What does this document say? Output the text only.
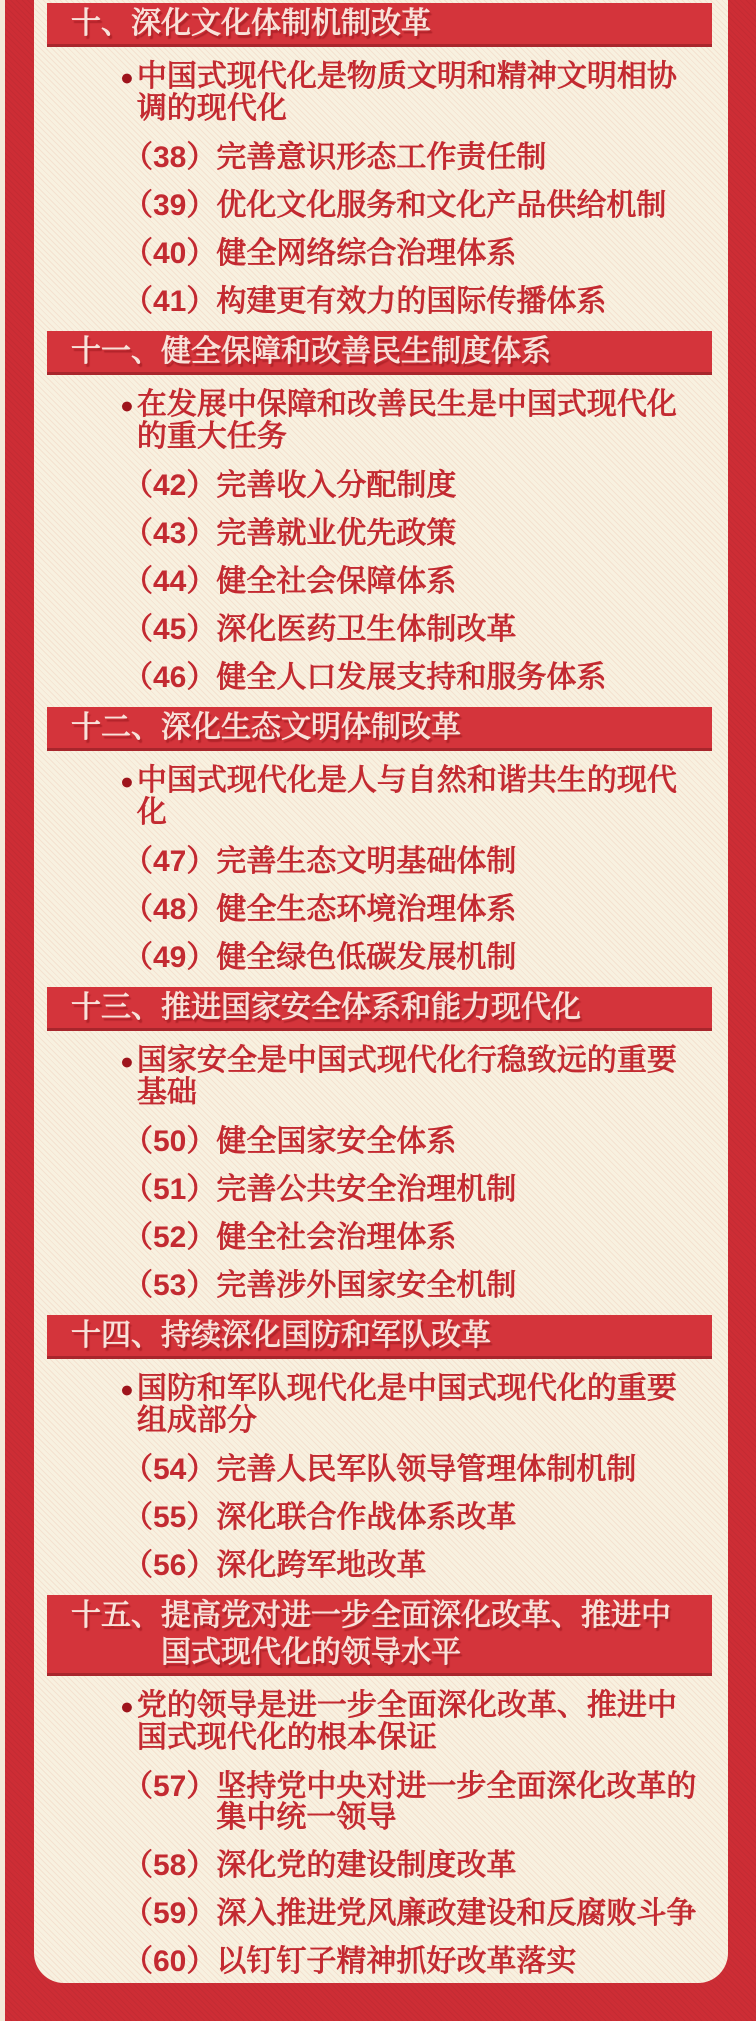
十、 深化文化体制机制改革
● 中国式现代化是物质文明和精神文明相协调的现代化
（38） 完善意识形态工作责任制
（39） 优化文化服务和文化产品供给机制
（40） 健全网络综合治理体系
（41） 构建更有效力的国际传播体系
十一、 健全保障和改善民生制度体系
● 在发展中保障和改善民生是中国式现代化的重大任务
（42） 完善收入分配制度
（43） 完善就业优先政策
（44） 健全社会保障体系
（45） 深化医药卫生体制改革
（46） 健全人口发展支持和服务体系
十二、 深化生态文明体制改革
● 中国式现代化是人与自然和谐共生的现代化
（47） 完善生态文明基础体制
（48） 健全生态环境治理体系
（49） 健全绿色低碳发展机制
十三、 推进国家安全体系和能力现代化
● 国家安全是中国式现代化行稳致远的重要基础
（50） 健全国家安全体系
（51） 完善公共安全治理机制
（52） 健全社会治理体系
（53） 完善涉外国家安全机制
十四、 持续深化国防和军队改革
● 国防和军队现代化是中国式现代化的重要组成部分
（54） 完善人民军队领导管理体制机制
（55） 深化联合作战体系改革
（56） 深化跨军地改革
十五、 提高党对进一步全面深化改革、推进中国式现代化的领导水平
● 党的领导是进一步全面深化改革、推进中国式现代化的根本保证
（57） 坚持党中央对进一步全面深化改革的集中统一领导
（58） 深化党的建设制度改革
（59） 深入推进党风廉政建设和反腐败斗争
（60） 以钉钉子精神抓好改革落实
